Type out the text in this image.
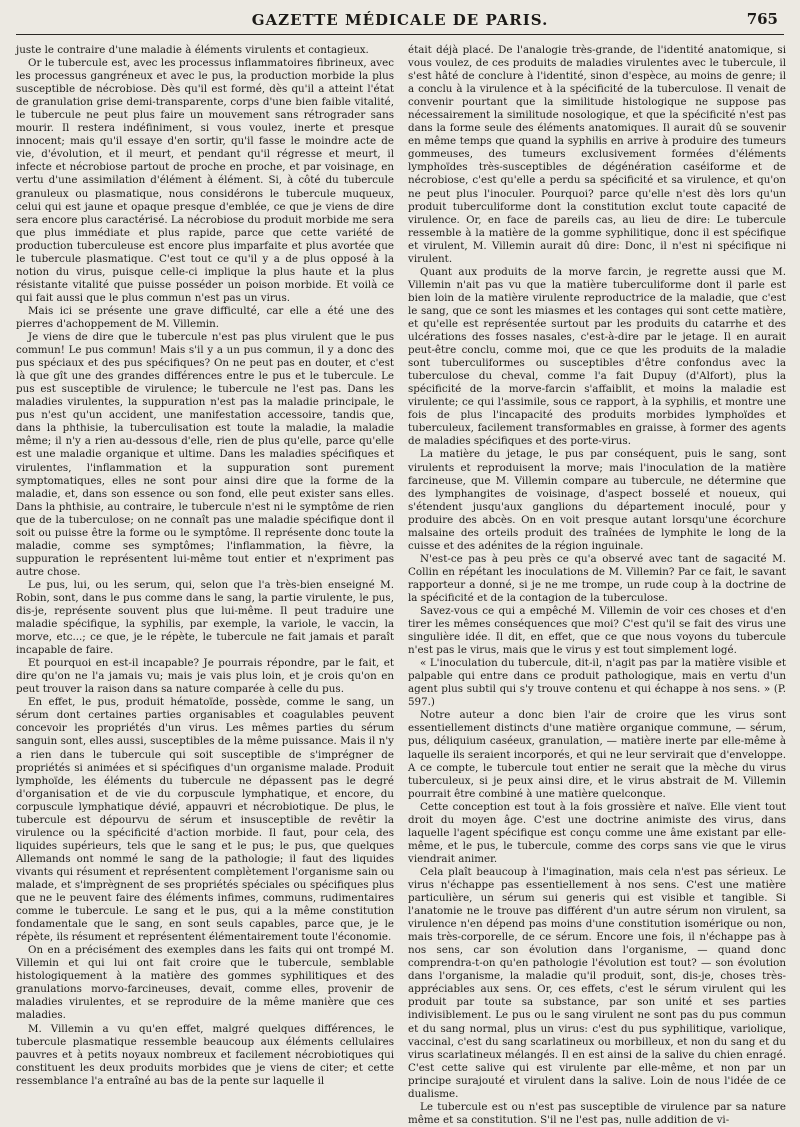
GAZETTE MÉDICALE DE PARIS.	765

juste le contraire d'une maladie à éléments virulents et contagieux.

Or le tubercule est, avec les processus inflammatoires fibrineux, avec les processus gangréneux et avec le pus, la production morbide la plus susceptible de nécrobiose. Dès qu'il est formé, dès qu'il a atteint l'état de granulation grise demi-transparente, corps d'une bien faible vitalité, le tubercule ne peut plus faire un mouvement sans rétrograder sans mourir. Il restera indéfiniment, si vous voulez, inerte et presque innocent; mais qu'il essaye d'en sortir, qu'il fasse le moindre acte de vie, d'évolution, et il meurt, et pendant qu'il régresse et meurt, il infecte et nécrobiose partout de proche en proche, et par voisinage, en vertu d'une assimilation d'élément à élément. Si, à côté du tubercule granuleux ou plasmatique, nous considérons le tubercule muqueux, celui qui est jaune et opaque presque d'emblée, ce que je viens de dire sera encore plus caractérisé. La nécrobiose du produit morbide me sera que plus immédiate et plus rapide, parce que cette variété de production tuberculeuse est encore plus imparfaite et plus avortée que le tubercule plasmatique. C'est tout ce qu'il y a de plus opposé à la notion du virus, puisque celle-ci implique la plus haute et la plus résistante vitalité que puisse posséder un poison morbide. Et voilà ce qui fait aussi que le plus commun n'est pas un virus.

Mais ici se présente une grave difficulté, car elle a été une des pierres d'achoppement de M. Villemin.

Je viens de dire que le tubercule n'est pas plus virulent que le pus commun! Le pus commun! Mais s'il y a un pus commun, il y a donc des pus spéciaux et des pus spécifiques? On ne peut pas en douter, et c'est là que gît une des grandes différences entre le pus et le tubercule. Le pus est susceptible de virulence; le tubercule ne l'est pas. Dans les maladies virulentes, la suppuration n'est pas la maladie principale, le pus n'est qu'un accident, une manifestation accessoire, tandis que, dans la phthisie, la tuberculisation est toute la maladie, la maladie même; il n'y a rien au-dessous d'elle, rien de plus qu'elle, parce qu'elle est une maladie organique et ultime. Dans les maladies spécifiques et virulentes, l'inflammation et la suppuration sont purement symptomatiques, elles ne sont pour ainsi dire que la forme de la maladie, et, dans son essence ou son fond, elle peut exister sans elles. Dans la phthisie, au contraire, le tubercule n'est ni le symptôme de rien que de la tuberculose; on ne connaît pas une maladie spécifique dont il soit ou puisse être la forme ou le symptôme. Il représente donc toute la maladie, comme ses symptômes; l'inflammation, la fièvre, la suppuration le représentent lui-même tout entier et n'expriment pas autre chose.

Le pus, lui, ou les serum, qui, selon que l'a très-bien enseigné M. Robin, sont, dans le pus comme dans le sang, la partie virulente, le pus, dis-je, représente souvent plus que lui-même. Il peut traduire une maladie spécifique, la syphilis, par exemple, la variole, le vaccin, la morve, etc...; ce que, je le répète, le tubercule ne fait jamais et paraît incapable de faire.

Et pourquoi en est-il incapable? Je pourrais répondre, par le fait, et dire qu'on ne l'a jamais vu; mais je vais plus loin, et je crois qu'on en peut trouver la raison dans sa nature comparée à celle du pus.

En effet, le pus, produit hématoïde, possède, comme le sang, un sérum dont certaines parties organisables et coagulables peuvent concevoir les propriétés d'un virus. Les mêmes parties du sérum sanguin sont, elles aussi, susceptibles de la même puissance. Mais il n'y a rien dans le tubercule qui soit susceptible de s'imprégner de propriétés si animées et si spécifiques d'un organisme malade. Produit lymphoïde, les éléments du tubercule ne dépassent pas le degré d'organisation et de vie du corpuscule lymphatique, et encore, du corpuscule lymphatique dévié, appauvri et nécrobiotique. De plus, le tubercule est dépourvu de sérum et insusceptible de revêtir la virulence ou la spécificité d'action morbide. Il faut, pour cela, des liquides supérieurs, tels que le sang et le pus; le pus, que quelques Allemands ont nommé le sang de la pathologie; il faut des liquides vivants qui résument et représentent complètement l'organisme sain ou malade, et s'imprègnent de ses propriétés spéciales ou spécifiques plus que ne le peuvent faire des éléments infimes, communs, rudimentaires comme le tubercule. Le sang et le pus, qui a la même constitution fondamentale que le sang, en sont seuls capables, parce que, je le répète, ils résument et représentent élémentairement toute l'économie.

On en a précisément des exemples dans les faits qui ont trompé M. Villemin et qui lui ont fait croire que le tubercule, semblable histologiquement à la matière des gommes syphilitiques et des granulations morvo-farcineuses, devait, comme elles, provenir de maladies virulentes, et se reproduire de la même manière que ces maladies.

M. Villemin a vu qu'en effet, malgré quelques différences, le tubercule plasmatique ressemble beaucoup aux éléments cellulaires pauvres et à petits noyaux nombreux et facilement nécrobiotiques qui constituent les deux produits morbides que je viens de citer; et cette ressemblance l'a entraîné au bas de la pente sur laquelle il

était déjà placé. De l'analogie très-grande, de l'identité anatomique, si vous voulez, de ces produits de maladies virulentes avec le tubercule, il s'est hâté de conclure à l'identité, sinon d'espèce, au moins de genre; il a conclu à la virulence et à la spécificité de la tuberculose. Il venait de convenir pourtant que la similitude histologique ne suppose pas nécessairement la similitude nosologique, et que la spécificité n'est pas dans la forme seule des éléments anatomiques. Il aurait dû se souvenir en même temps que quand la syphilis en arrive à produire des tumeurs gommeuses, des tumeurs exclusivement formées d'éléments lymphoïdes très-susceptibles de dégénération caséiforme et de nécrobiose, c'est qu'elle a perdu sa spécificité et sa virulence, et qu'on ne peut plus l'inoculer. Pourquoi? parce qu'elle n'est dès lors qu'un produit tuberculiforme dont la constitution exclut toute capacité de virulence. Or, en face de pareils cas, au lieu de dire: Le tubercule ressemble à la matière de la gomme syphilitique, donc il est spécifique et virulent, M. Villemin aurait dû dire: Donc, il n'est ni spécifique ni virulent.

Quant aux produits de la morve farcin, je regrette aussi que M. Villemin n'ait pas vu que la matière tuberculiforme dont il parle est bien loin de la matière virulente reproductrice de la maladie, que c'est le sang, que ce sont les miasmes et les contages qui sont cette matière, et qu'elle est représentée surtout par les produits du catarrhe et des ulcérations des fosses nasales, c'est-à-dire par le jetage. Il en aurait peut-être conclu, comme moi, que ce que les produits de la maladie sont tuberculiformes ou susceptibles d'être confondus avec la tuberculose du cheval, comme l'a fait Dupuy (d'Alfort), plus la spécificité de la morve-farcin s'affaiblit, et moins la maladie est virulente; ce qui l'assimile, sous ce rapport, à la syphilis, et montre une fois de plus l'incapacité des produits morbides lymphoïdes et tuberculeux, facilement transformables en graisse, à former des agents de maladies spécifiques et des porte-virus.

La matière du jetage, le pus par conséquent, puis le sang, sont virulents et reproduisent la morve; mais l'inoculation de la matière farcineuse, que M. Villemin compare au tubercule, ne détermine que des lymphangites de voisinage, d'aspect bosselé et noueux, qui s'étendent jusqu'aux ganglions du département inoculé, pour y produire des abcès. On en voit presque autant lorsqu'une écorchure malsaine des orteils produit des traînées de lymphite le long de la cuisse et des adénites de la région inguinale.

N'est-ce pas à peu près ce qu'a observé avec tant de sagacité M. Collin en répétant les inoculations de M. Villemin? Par ce fait, le savant rapporteur a donné, si je ne me trompe, un rude coup à la doctrine de la spécificité et de la contagion de la tuberculose.

Savez-vous ce qui a empêché M. Villemin de voir ces choses et d'en tirer les mêmes conséquences que moi? C'est qu'il se fait des virus une singulière idée. Il dit, en effet, que ce que nous voyons du tubercule n'est pas le virus, mais que le virus y est tout simplement logé.

« L'inoculation du tubercule, dit-il, n'agit pas par la matière visible et palpable qui entre dans ce produit pathologique, mais en vertu d'un agent plus subtil qui s'y trouve contenu et qui échappe à nos sens. » (P. 597.)

Notre auteur a donc bien l'air de croire que les virus sont essentiellement distincts d'une matière organique commune, — sérum, pus, déliquium caséeux, granulation, — matière inerte par elle-même à laquelle ils seraient incorporés, et qui ne leur servirait que d'enveloppe. A ce compte, le tubercule tout entier ne serait que la mèche du virus tuberculeux, si je peux ainsi dire, et le virus abstrait de M. Villemin pourrait être combiné à une matière quelconque.

Cette conception est tout à la fois grossière et naïve. Elle vient tout droit du moyen âge. C'est une doctrine animiste des virus, dans laquelle l'agent spécifique est conçu comme une âme existant par elle-même, et le pus, le tubercule, comme des corps sans vie que le virus viendrait animer.

Cela plaît beaucoup à l'imagination, mais cela n'est pas sérieux. Le virus n'échappe pas essentiellement à nos sens. C'est une matière particulière, un sérum sui generis qui est visible et tangible. Si l'anatomie ne le trouve pas différent d'un autre sérum non virulent, sa virulence n'en dépend pas moins d'une constitution isomérique ou non, mais très-corporelle, de ce sérum. Encore une fois, il n'échappe pas à nos sens, car son évolution dans l'organisme, — quand donc comprendra-t-on qu'en pathologie l'évolution est tout? — son évolution dans l'organisme, la maladie qu'il produit, sont, dis-je, choses très-appréciables aux sens. Or, ces effets, c'est le sérum virulent qui les produit par toute sa substance, par son unité et ses parties indivisiblement. Le pus ou le sang virulent ne sont pas du pus commun et du sang normal, plus un virus: c'est du pus syphilitique, variolique, vaccinal, c'est du sang scarlatineux ou morbilleux, et non du sang et du virus scarlatineux mélangés. Il en est ainsi de la salive du chien enragé. C'est cette salive qui est virulente par elle-même, et non par un principe surajouté et virulent dans la salive. Loin de nous l'idée de ce dualisme.

Le tubercule est ou n'est pas susceptible de virulence par sa nature même et sa constitution. S'il ne l'est pas, nulle addition de vi-
